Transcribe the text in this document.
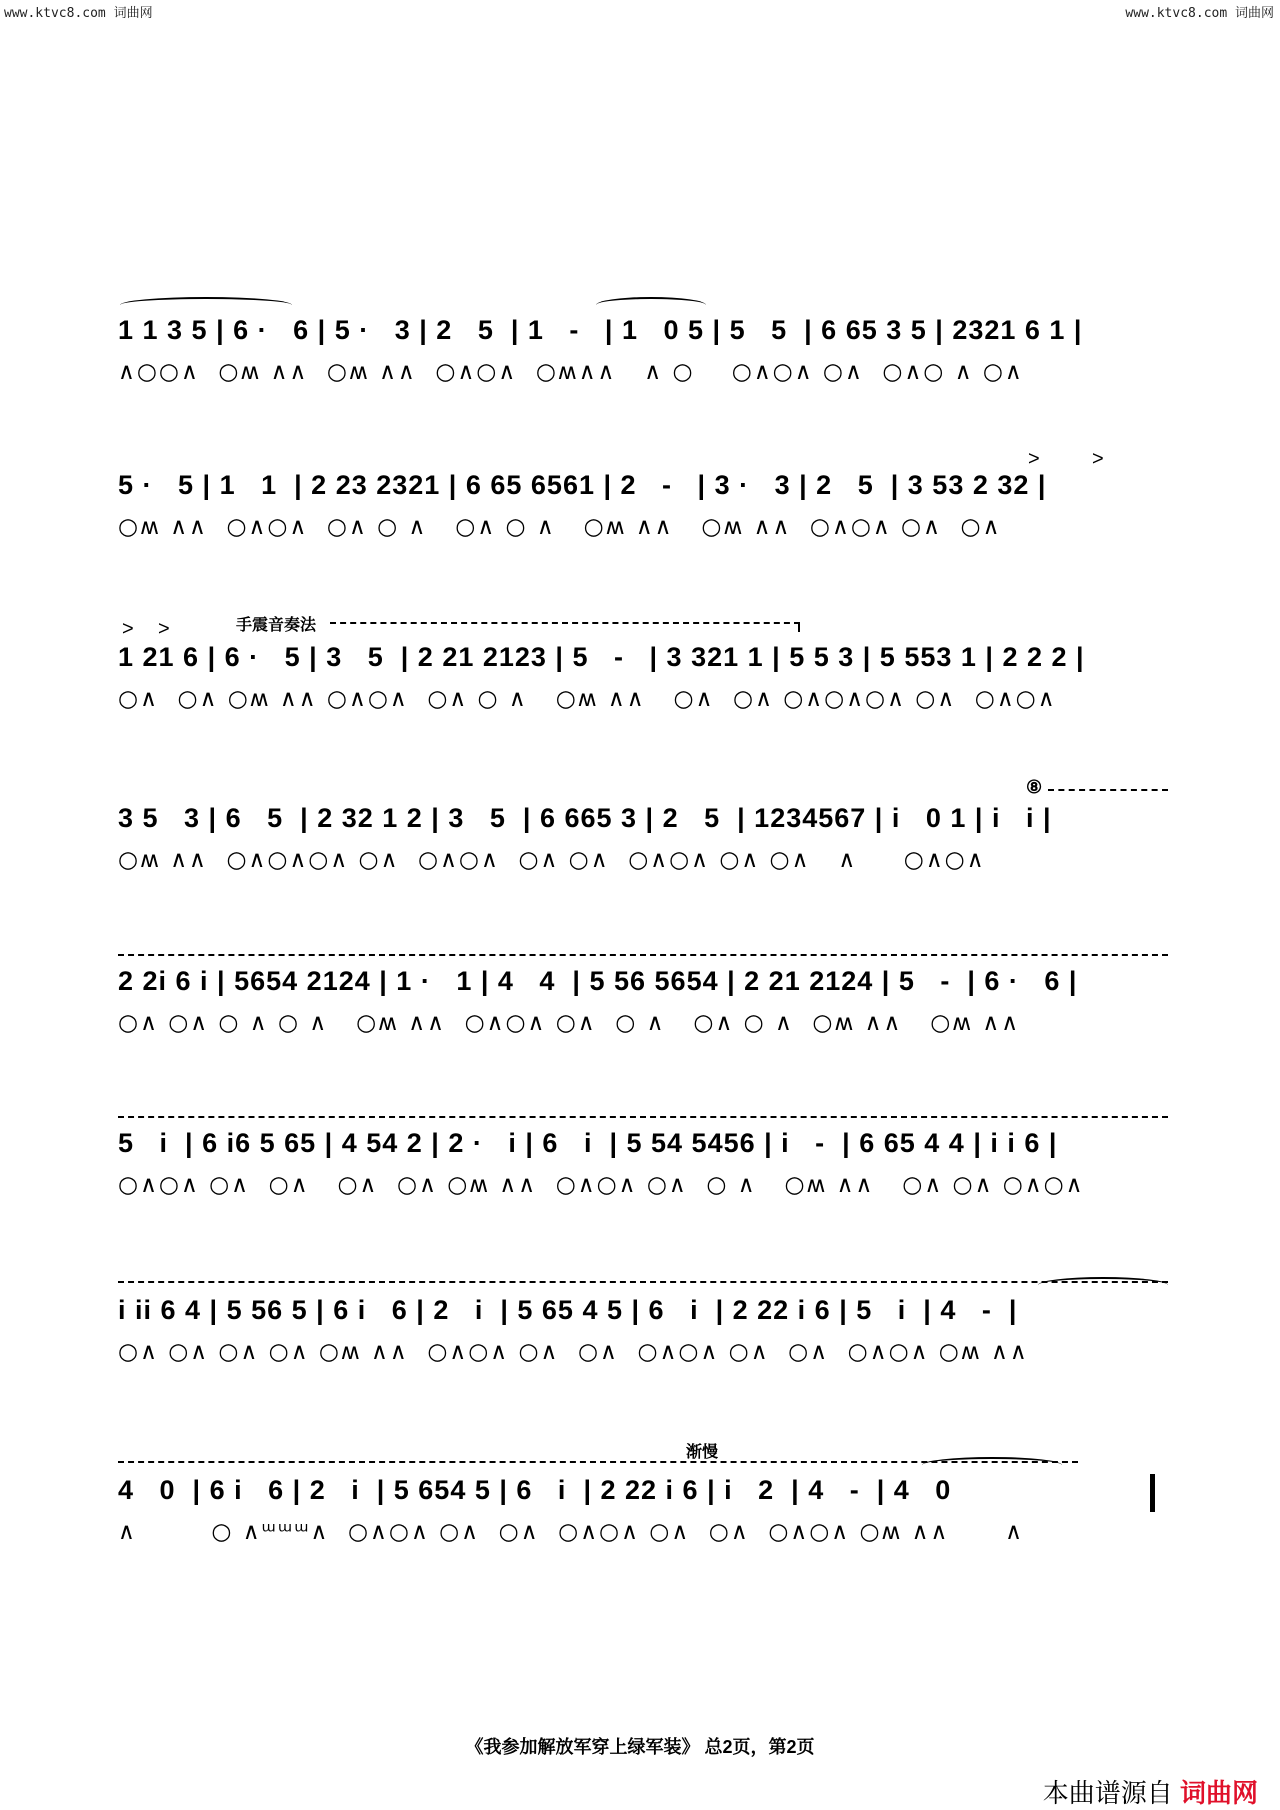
www.ktvc8.com 词曲网	www.ktvc8.com 词曲网
1 1 3 5 | 6 ·   6 | 5 ·   3 | 2   5  | 1   -   | 1   0 5 | 5   5  | 6 65 3 5 | 2321 6 1 |
∧○○∧  ○ʍ ∧∧  ○ʍ ∧∧  ○∧○∧  ○ʍ∧∧   ∧ ○    ○∧○∧ ○∧  ○∧○ ∧ ○∧
>	>
5 ·   5 | 1   1  | 2 23 2321 | 6 65 6561 | 2   -   | 3 ·   3 | 2   5  | 3 53 2 32 |
○ʍ ∧∧  ○∧○∧  ○∧ ○ ∧   ○∧ ○ ∧   ○ʍ ∧∧   ○ʍ ∧∧  ○∧○∧ ○∧  ○∧
> >	手震音奏法
1 21 6 | 6 ·   5 | 3   5  | 2 21 2123 | 5   -   | 3 321 1 | 5 5 3 | 5 553 1 | 2 2 2 |
○∧  ○∧ ○ʍ ∧∧ ○∧○∧  ○∧ ○ ∧   ○ʍ ∧∧   ○∧  ○∧ ○∧○∧○∧ ○∧  ○∧○∧
⑧
3 5   3 | 6   5  | 2 32 1 2 | 3   5  | 6 665 3 | 2   5  | 1234567 | i   0 1 | i   i |
○ʍ ∧∧  ○∧○∧○∧ ○∧  ○∧○∧  ○∧ ○∧  ○∧○∧ ○∧ ○∧   ∧     ○∧○∧
2 2i 6 i | 5654 2124 | 1 ·   1 | 4   4  | 5 56 5654 | 2 21 2124 | 5   -  | 6 ·   6 |
○∧ ○∧ ○ ∧ ○ ∧   ○ʍ ∧∧  ○∧○∧ ○∧  ○ ∧   ○∧ ○ ∧  ○ʍ ∧∧   ○ʍ ∧∧
5   i  | 6 i6 5 65 | 4 54 2 | 2 ·   i | 6   i  | 5 54 5456 | i   -  | 6 65 4 4 | i i 6 |
○∧○∧ ○∧  ○∧   ○∧  ○∧ ○ʍ ∧∧  ○∧○∧ ○∧  ○ ∧   ○ʍ ∧∧   ○∧ ○∧ ○∧○∧
i ii 6 4 | 5 56 5 | 6 i   6 | 2   i  | 5 65 4 5 | 6   i  | 2 22 i 6 | 5   i  | 4   -  |
○∧ ○∧ ○∧ ○∧ ○ʍ ∧∧  ○∧○∧ ○∧  ○∧  ○∧○∧ ○∧  ○∧  ○∧○∧ ○ʍ ∧∧
渐慢
4   0  | 6 i   6 | 2   i  | 5 654 5 | 6   i  | 2 22 i 6 | i   2  | 4   -  | 4   0
∧        ○ ∧ᵚᵚᵚ∧  ○∧○∧ ○∧  ○∧  ○∧○∧ ○∧  ○∧  ○∧○∧ ○ʍ ∧∧      ∧
《我参加解放军穿上绿军装》 总2页，第2页
本曲谱源自 词曲网
